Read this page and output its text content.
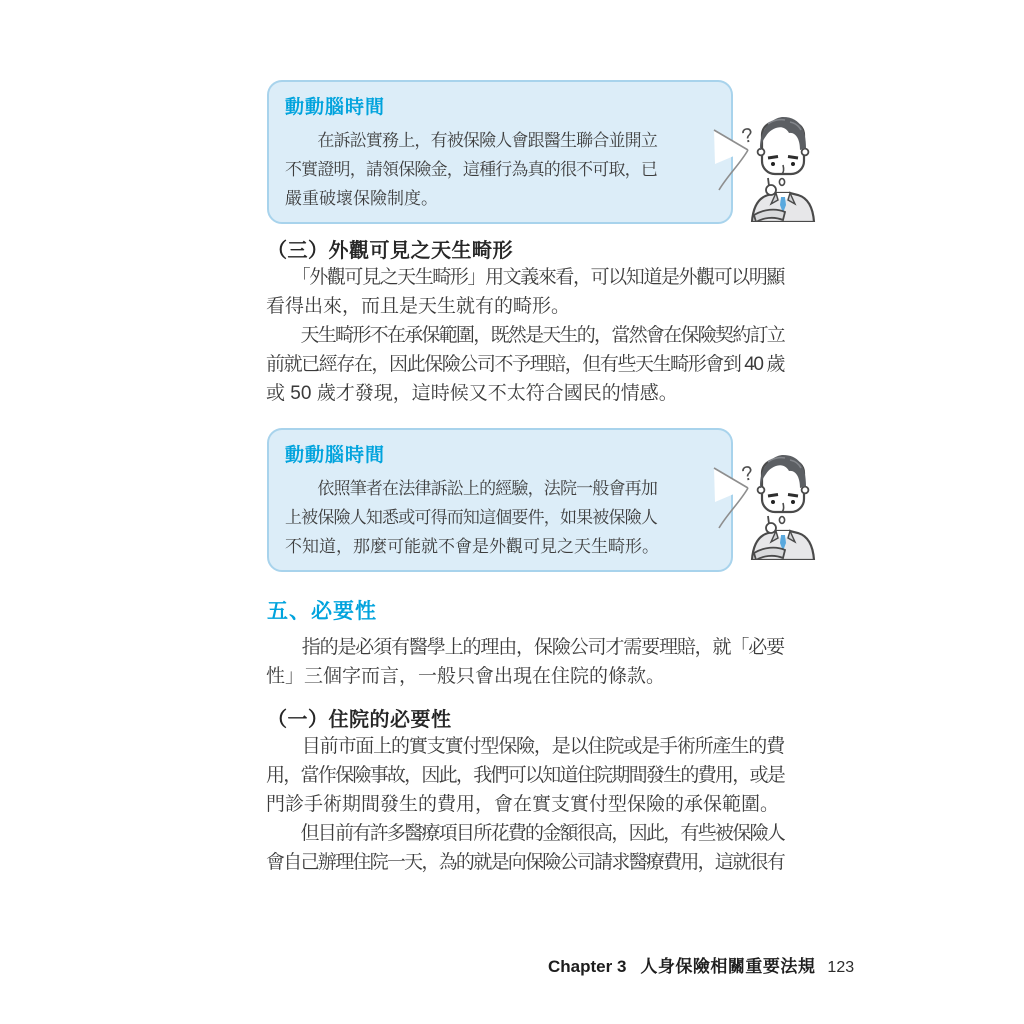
動動腦時間
　　在訴訟實務上，有被保險人會跟醫生聯合並開立
不實證明，請領保險金，這種行為真的很不可取，已
嚴重破壞保險制度。
（三）外觀可見之天生畸形
　　「外觀可見之天生畸形」用文義來看，可以知道是外觀可以明顯
看得出來，而且是天生就有的畸形。
　　天生畸形不在承保範圍，既然是天生的，當然會在保險契約訂立
前就已經存在，因此保險公司不予理賠，但有些天生畸形會到 40 歲
或 50 歲才發現，這時候又不太符合國民的情感。
動動腦時間
　　依照筆者在法律訴訟上的經驗，法院一般會再加
上被保險人知悉或可得而知這個要件，如果被保險人
不知道，那麼可能就不會是外觀可見之天生畸形。
五、必要性
　　指的是必須有醫學上的理由，保險公司才需要理賠，就「必要
性」三個字而言，一般只會出現在住院的條款。
（一）住院的必要性
　　目前市面上的實支實付型保險，是以住院或是手術所產生的費
用，當作保險事故，因此，我們可以知道住院期間發生的費用，或是
門診手術期間發生的費用，會在實支實付型保險的承保範圍。
　　但目前有許多醫療項目所花費的金額很高，因此，有些被保險人
會自己辦理住院一天，為的就是向保險公司請求醫療費用，這就很有
Chapter 3 人身保險相關重要法規 123
